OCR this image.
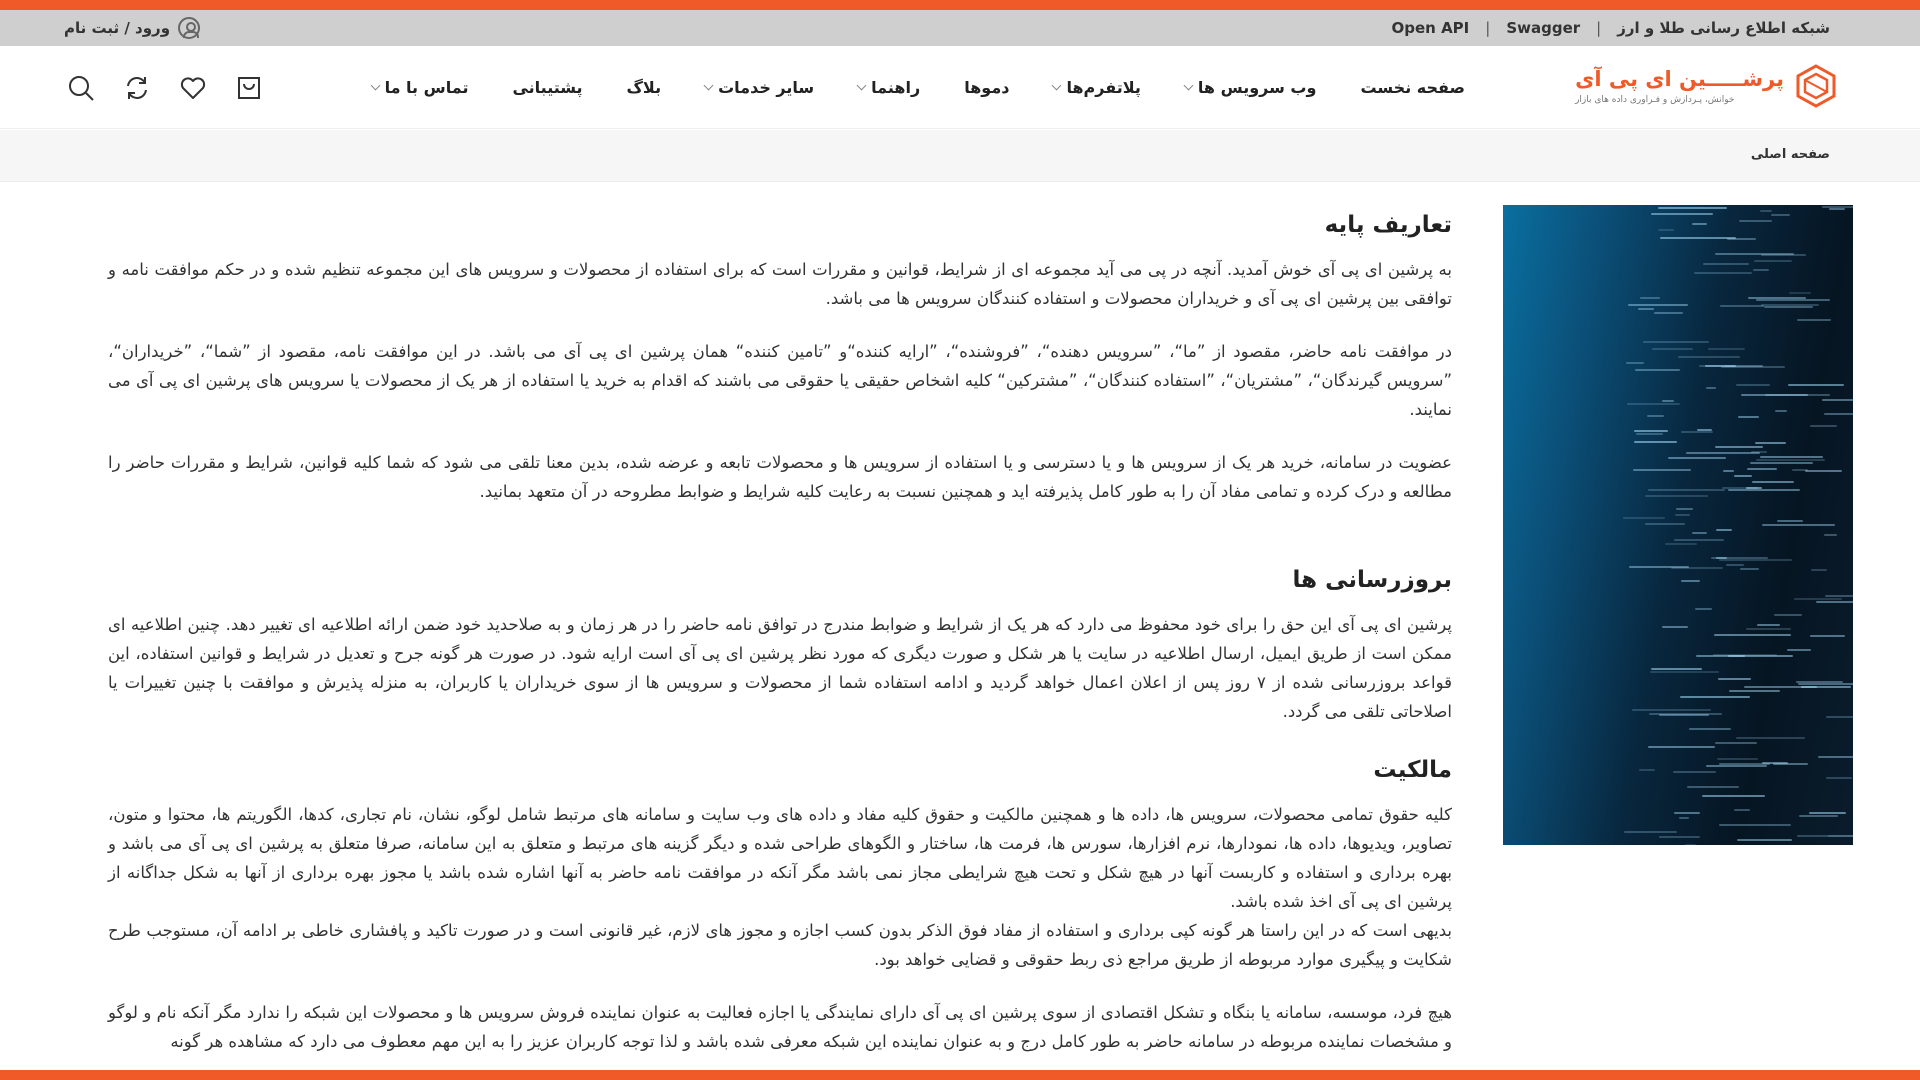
ورود / ثبت نام	شبکه اطلاع رسانی طلا و ارز
|
Swagger
|
Open API
پرشـــــین ای پی آی
خوانش، پـردازش و فـراوری داده های بازار
صفحه نخست
وب سرویس ها
پلاتفرم‌ها
دموها
راهنما
سایر خدمات
بلاگ
پشتیبانی
تماس با ما
صفحه اصلی
تعاریف پایه

به پرشین ای پی آی خوش آمدید. آنچه در پی می آید مجموعه ای از شرایط، قوانین و مقررات است که برای استفاده از محصولات و سرویس های این مجموعه تنظیم شده و در حکم موافقت نامه و توافقی بین پرشین ای پی آی و خریداران محصولات و استفاده کنندگان سرویس ها می باشد.

در موافقت نامه حاضر، مقصود از ”ما“، ”سرویس دهنده“، ”فروشنده“، ”ارایه کننده“و ”تامین کننده“ همان پرشین ای پی آی می باشد. در این موافقت نامه، مقصود از ”شما“، ”خریداران“، ”سرویس گیرندگان“، ”مشتریان“، ”استفاده کنندگان“، ”مشترکین“ کلیه اشخاص حقیقی یا حقوقی می باشند که اقدام به خرید یا استفاده از هر یک از محصولات یا سرویس های پرشین ای پی آی می نمایند.

عضویت در سامانه، خرید هر یک از سرویس ها و یا دسترسی و یا استفاده از سرویس ها و محصولات تابعه و عرضه شده، بدین معنا تلقی می شود که شما کلیه قوانین، شرایط و مقررات حاضر را مطالعه و درک کرده و تمامی مفاد آن را به طور کامل پذیرفته اید و همچنین نسبت به رعایت کلیه شرایط و ضوابط مطروحه در آن متعهد بمانید.

بروزرسانی ها

پرشین ای پی آی این حق را برای خود محفوظ می دارد که هر یک از شرایط و ضوابط مندرج در توافق نامه حاضر را در هر زمان و به صلاحدید خود ضمن ارائه اطلاعیه ای تغییر دهد. چنین اطلاعیه ای ممکن است از طریق ایمیل، ارسال اطلاعیه در سایت یا هر شکل و صورت دیگری که مورد نظر پرشین ای پی آی است ارایه شود. در صورت هر گونه جرح و تعدیل در شرایط و قوانین استفاده، این قواعد بروزرسانی شده از ۷ روز پس از اعلان اعمال خواهد گردید و ادامه استفاده شما از محصولات و سرویس ها از سوی خریداران یا کاربران، به منزله پذیرش و موافقت با چنین تغییرات یا اصلاحاتی تلقی می گردد.

مالکیت

کلیه حقوق تمامی محصولات، سرویس ها، داده ها و همچنین مالکیت و حقوق کلیه مفاد و داده های وب سایت و سامانه های مرتبط شامل لوگو، نشان، نام تجاری، کدها، الگوریتم ها، محتوا و متون، تصاویر، ویدیوها، داده ها، نمودارها، نرم افزارها، سورس ها، فرمت ها، ساختار و الگوهای طراحی شده و دیگر گزینه های مرتبط و متعلق به این سامانه، صرفا متعلق به پرشین ای پی آی می باشد و بهره برداری و استفاده و کاربست آنها در هیچ شکل و تحت هیچ شرایطی مجاز نمی باشد مگر آنکه در موافقت نامه حاضر به آنها اشاره شده باشد یا مجوز بهره برداری از آنها به شکل جداگانه از پرشین ای پی آی اخذ شده باشد.

بدیهی است که در این راستا هر گونه کپی برداری و استفاده از مفاد فوق الذکر بدون کسب اجازه و مجوز های لازم، غیر قانونی است و در صورت تاکید و پافشاری خاطی بر ادامه آن، مستوجب طرح شکایت و پیگیری موارد مربوطه از طریق مراجع ذی ربط حقوقی و قضایی خواهد بود.

هیچ فرد، موسسه، سامانه یا بنگاه و تشکل اقتصادی از سوی پرشین ای پی آی دارای نمایندگی یا اجازه فعالیت به عنوان نماینده فروش سرویس ها و محصولات این شبکه را ندارد مگر آنکه نام و لوگو و مشخصات نماینده مربوطه در سامانه حاضر به طور کامل درج و به عنوان نماینده این شبکه معرفی شده باشد و لذا توجه کاربران عزیز را به این مهم معطوف می دارد که مشاهده هر گونه
